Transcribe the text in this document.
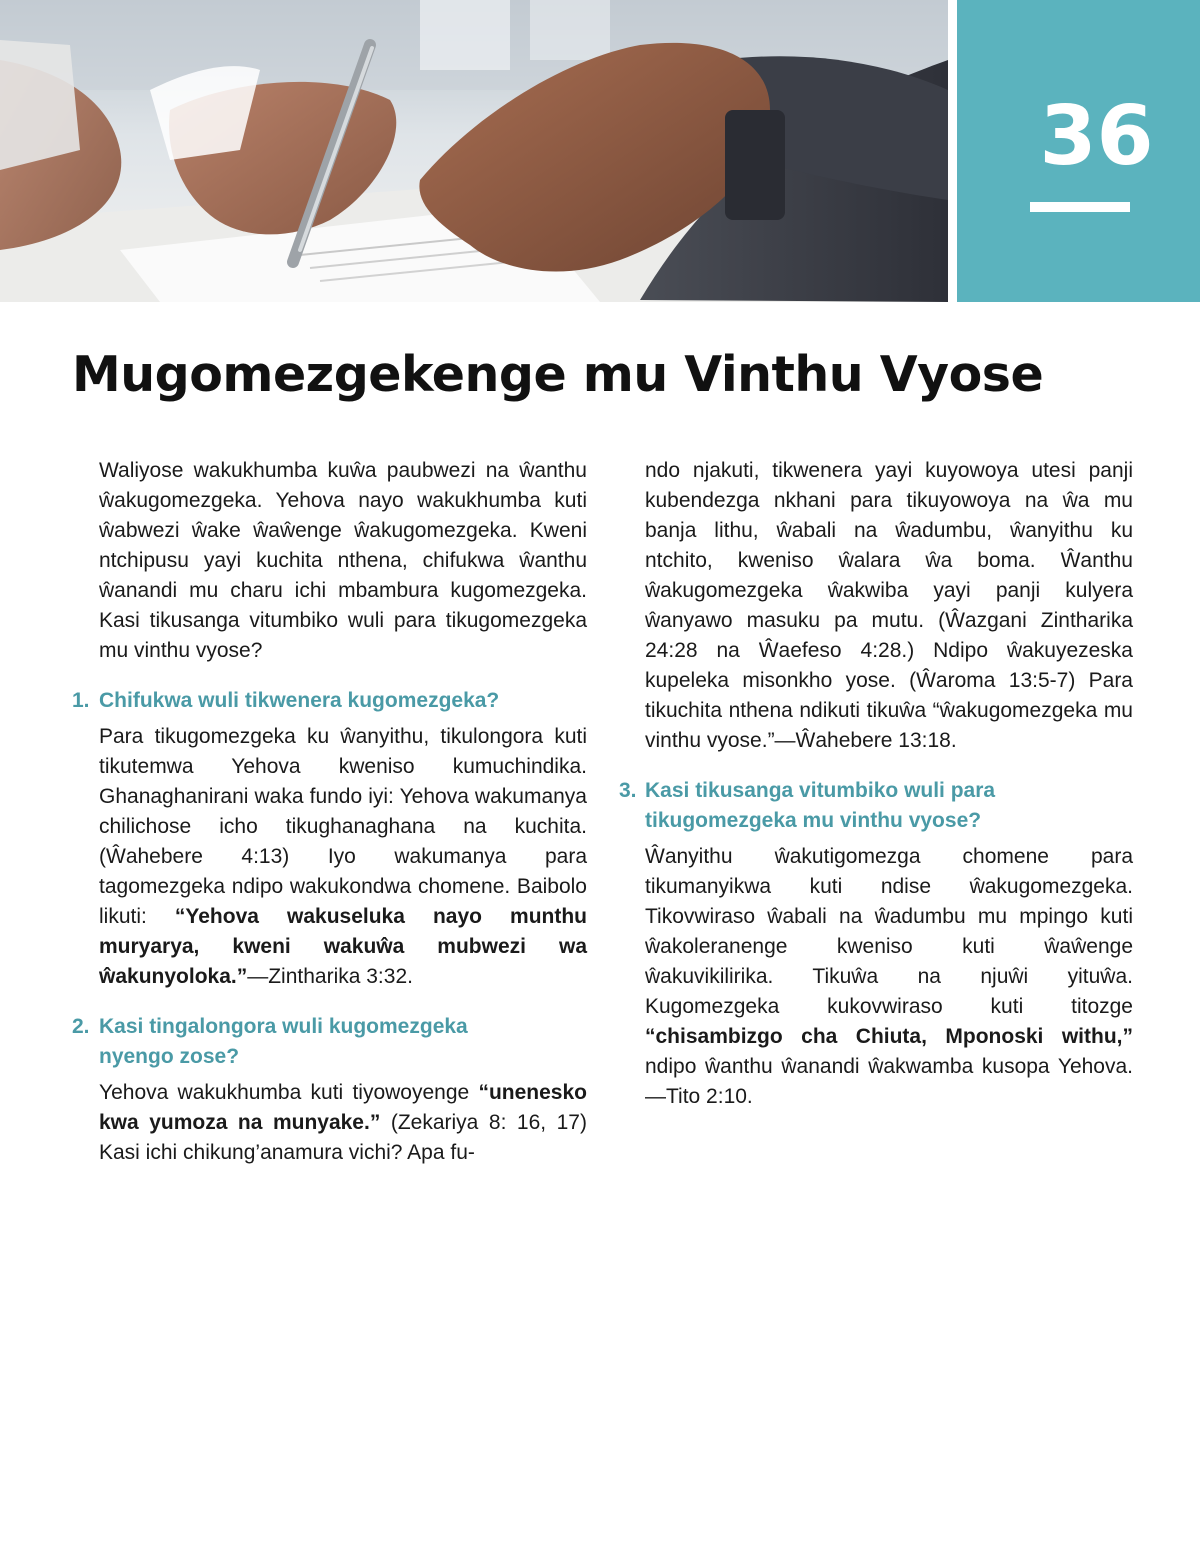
36
Mugomezgekenge mu Vinthu Vyose

Waliyose wakukhumba kuŵa paubwezi na ŵanthu ŵakugomezgeka. Yehova nayo wakukhumba kuti ŵabwezi ŵake ŵaŵenge ŵakugomezgeka. Kweni ntchipusu yayi kuchita nthena, chifukwa ŵanthu ŵanandi mu charu ichi mbambura kugomezgeka. Kasi tikusanga vitumbiko wuli para tikugomezgeka mu vinthu vyose?

1. Chifukwa wuli tikwenera kugomezgeka?

Para tikugomezgeka ku ŵanyithu, tikulongora kuti tikutemwa Yehova kweniso kumuchindika. Ghanaghanirani waka fundo iyi: Yehova wakumanya chilichose icho tikughanaghana na kuchita. (Ŵahebere 4:13) Iyo wakumanya para tagomezgeka ndipo wakukondwa chomene. Baibolo likuti: “Yehova wakuseluka nayo munthu muryarya, kweni wakuŵa mubwezi wa ŵakunyoloka.”—Zintharika 3:32.

2. Kasi tingalongora wuli kugomezgeka
nyengo zose?

Yehova wakukhumba kuti tiyowoyenge “unenesko kwa yumoza na munyake.” (Zekariya 8: 16, 17) Kasi ichi chikung’anamura vichi? Apa fu-

ndo njakuti, tikwenera yayi kuyowoya utesi panji kubendezga nkhani para tikuyowoya na ŵa mu banja lithu, ŵabali na ŵadumbu, ŵanyithu ku ntchito, kweniso ŵalara ŵa boma. Ŵanthu ŵakugomezgeka ŵakwiba yayi panji kulyera ŵanyawo masuku pa mutu. (Ŵazgani Zintharika 24:28 na Ŵaefeso 4:28.) Ndipo ŵakuyezeska kupeleka misonkho yose. (Ŵaroma 13:5-7) Para tikuchita nthena ndikuti tikuŵa “ŵakugomezgeka mu vinthu vyose.”—Ŵahebere 13:18.

3. Kasi tikusanga vitumbiko wuli para tikugomezgeka mu vinthu vyose?

Ŵanyithu ŵakutigomezga chomene para tikumanyikwa kuti ndise ŵakugomezgeka. Tikovwiraso ŵabali na ŵadumbu mu mpingo kuti ŵakoleranenge kweniso kuti ŵaŵenge ŵakuvikilirika. Tikuŵa na njuŵi yituŵa. Kugomezgeka kukovwiraso kuti titozge “chisambizgo cha Chiuta, Mponoski withu,” ndipo ŵanthu ŵanandi ŵakwamba kusopa Yehova.—Tito 2:10.
